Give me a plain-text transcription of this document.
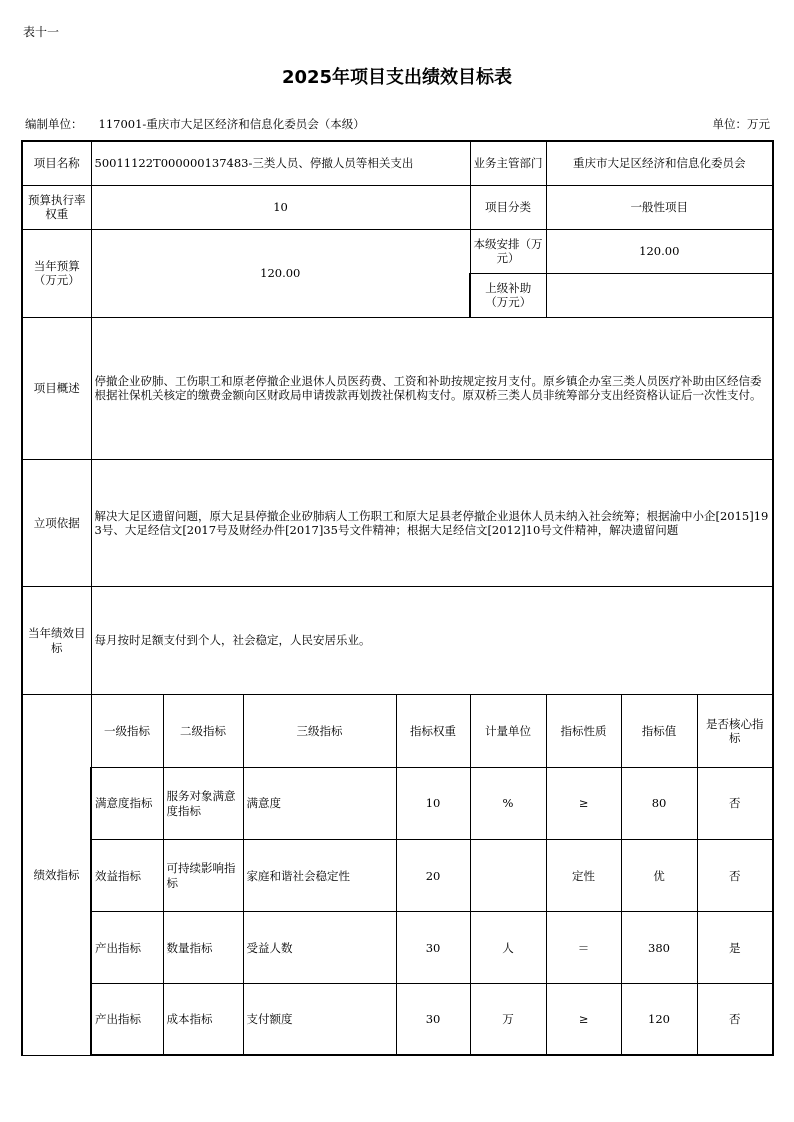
表十一
2025年项目支出绩效目标表
编制单位： 117001-重庆市大足区经济和信息化委员会（本级）	单位：万元
项目名称	50011122T000000137483-三类人员、停撤人员等相关支出				业务主管部门	重庆市大足区经济和信息化委员会		
预算执行率权重	10				项目分类	一般性项目		
当年预算（万元）	120.00				本级安排（万元）	120.00		
					上级补助（万元）			
项目概述	停撤企业矽肺、工伤职工和原老停撤企业退休人员医药费、工资和补助按规定按月支付。原乡镇企办室三类人员医疗补助由区经信委根据社保机关核定的缴费金额向区财政局申请拨款再划拨社保机构支付。原双桥三类人员非统筹部分支出经资格认证后一次性支付。							
立项依据	解决大足区遗留问题，原大足县停撤企业矽肺病人工伤职工和原大足县老停撤企业退休人员未纳入社会统筹；根据渝中小企[2015]193号、大足经信文[2017号及财经办件[2017]35号文件精神；根据大足经信文[2012]10号文件精神，解决遗留问题							
当年绩效目标	每月按时足额支付到个人，社会稳定，人民安居乐业。							
绩效指标	一级指标	二级指标	三级指标	指标权重	计量单位	指标性质	指标值	是否核心指标
	满意度指标	服务对象满意度指标	满意度	10	%	≥	80	否
	效益指标	可持续影响指标	家庭和谐社会稳定性	20		定性	优	否
	产出指标	数量指标	受益人数	30	人	＝	380	是
	产出指标	成本指标	支付额度	30	万	≥	120	否
